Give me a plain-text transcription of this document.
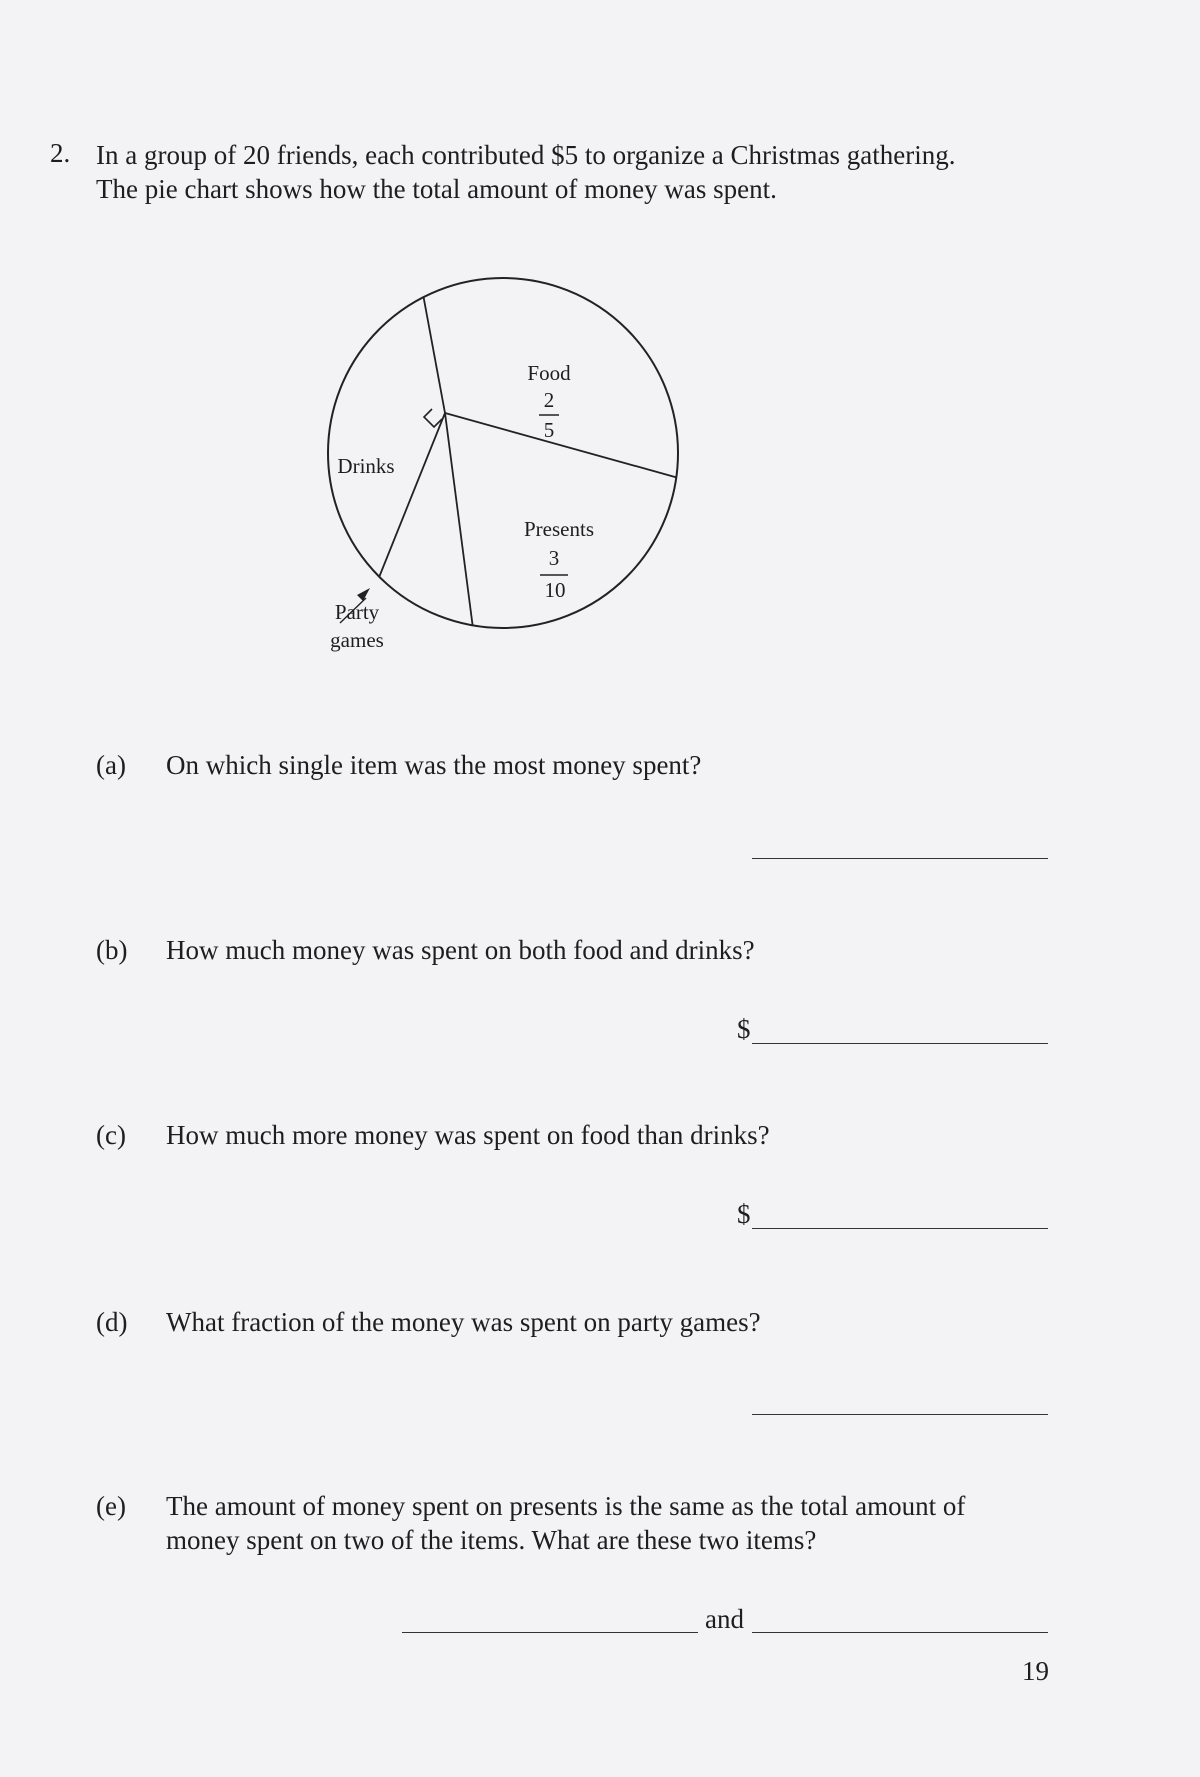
2. In a group of 20 friends, each contributed $5 to organize a Christmas gathering.
The pie chart shows how the total amount of money was spent.
Food
2
5
Drinks
Presents
3
10
Party
games
(a) On which single item was the most money spent?
(b) How much money was spent on both food and drinks?
$
(c) How much more money was spent on food than drinks?
$
(d) What fraction of the money was spent on party games?
(e) The amount of money spent on presents is the same as the total amount of
money spent on two of the items. What are these two items?
and
19
